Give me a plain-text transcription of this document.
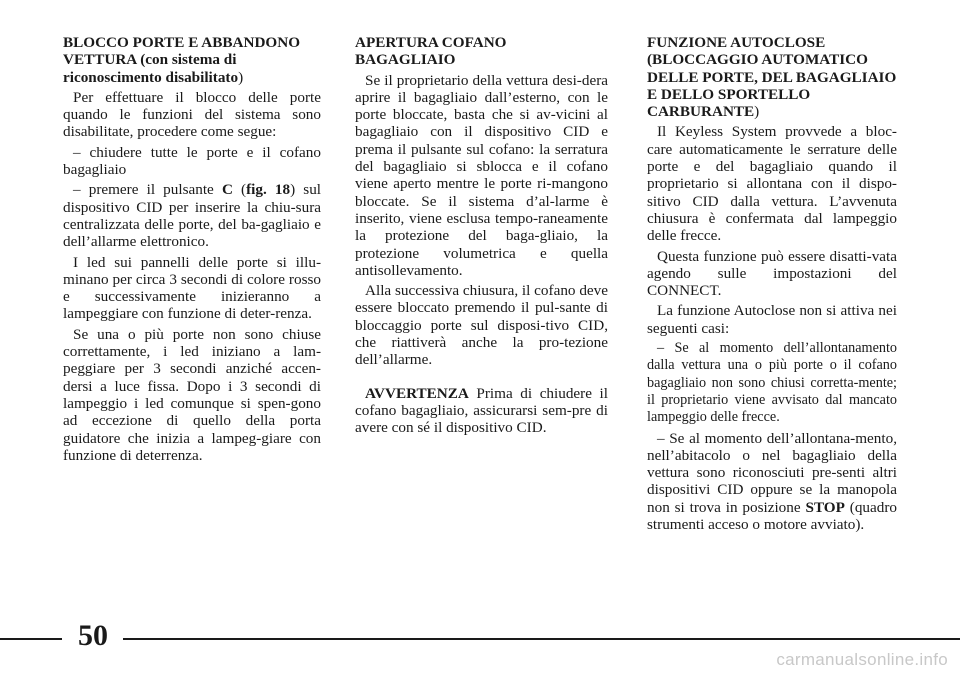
BLOCCO PORTE E ABBANDONO VETTURA (con sistema di riconoscimento disabilitato)

Per effettuare il blocco delle porte quando le funzioni del sistema sono disabilitate, procedere come segue:

– chiudere tutte le porte e il cofano bagagliaio

– premere il pulsante C (fig. 18) sul dispositivo CID per inserire la chiu-sura centralizzata delle porte, del ba-gagliaio e dell’allarme elettronico.

I led sui pannelli delle porte si illu-minano per circa 3 secondi di colore rosso e successivamente inizieranno a lampeggiare con funzione di deter-renza.

Se una o più porte non sono chiuse correttamente, i led iniziano a lam-peggiare per 3 secondi anziché accen-dersi a luce fissa. Dopo i 3 secondi di lampeggio i led comunque si spen-gono ad eccezione di quello della porta guidatore che inizia a lampeg-giare con funzione di deterrenza.

APERTURA COFANO BAGAGLIAIO

Se il proprietario della vettura desi-dera aprire il bagagliaio dall’esterno, con le porte bloccate, basta che si av-vicini al bagagliaio con il dispositivo CID e prema il pulsante sul cofano: la serratura del bagagliaio si sblocca e il cofano viene aperto mentre le porte ri-mangono bloccate. Se il sistema d’al-larme è inserito, viene esclusa tempo-raneamente la protezione del baga-gliaio, la protezione volumetrica e quella antisollevamento.

Alla successiva chiusura, il cofano deve essere bloccato premendo il pul-sante di bloccaggio porte sul disposi-tivo CID, che riattiverà anche la pro-tezione dell’allarme.

AVVERTENZA Prima di chiudere il cofano bagagliaio, assicurarsi sem-pre di avere con sé il dispositivo CID.

FUNZIONE AUTOCLOSE (BLOCCAGGIO AUTOMATICO DELLE PORTE, DEL BAGAGLIAIO E DELLO SPORTELLO CARBURANTE)

Il Keyless System provvede a bloc-care automaticamente le serrature delle porte e del bagagliaio quando il proprietario si allontana con il dispo-sitivo CID dalla vettura. L’avvenuta chiusura è confermata dal lampeggio delle frecce.

Questa funzione può essere disatti-vata agendo sulle impostazioni del CONNECT.

La funzione Autoclose non si attiva nei seguenti casi:

– Se al momento dell’allontanamento dalla vettura una o più porte o il cofano bagagliaio non sono chiusi corretta-mente; il proprietario viene avvisato dal mancato lampeggio delle frecce.

– Se al momento dell’allontana-mento, nell’abitacolo o nel bagagliaio della vettura sono riconosciuti pre-senti altri dispositivi CID oppure se la manopola non si trova in posizione STOP (quadro strumenti acceso o motore avviato).

50
carmanualsonline.info
